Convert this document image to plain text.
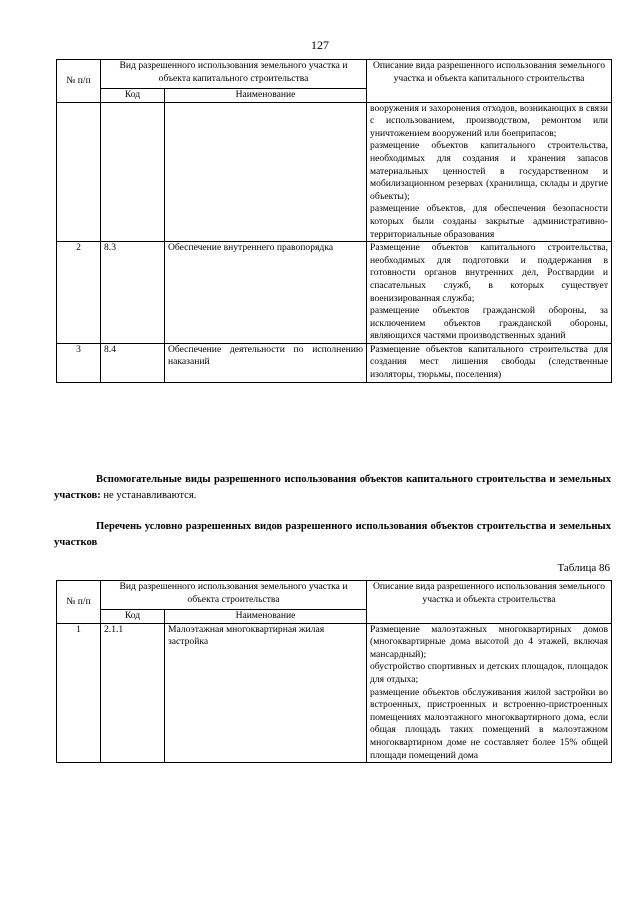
127
№ п/п	Вид разрешенного использования земельного участка и объекта капитального строительства		Описание вида разрешенного использования земельного участка и объекта капитального строительства
	Код	Наименование	

			вооружения и захоронения отходов, возникающих в связи с использованием, производством, ремонтом или уничтожением вооружений или боеприпасов;
размещение объектов капитального строительства, необходимых для создания и хранения запасов материальных ценностей в государственном и мобилизационном резервах (хранилища, склады и другие объекты);
размещение объектов, для обеспечения безопасности которых были созданы закрытые административно-территориальные образования

2	8.3	Обеспечение внутреннего правопорядка	Размещение объектов капитального строительства, необходимых для подготовки и поддержания в готовности органов внутренних дел, Росгвардии и спасательных служб, в которых существует военизированная служба;
размещение объектов гражданской обороны, за исключением объектов гражданской обороны, являющихся частями производственных зданий

3	8.4	Обеспечение деятельности по исполнению наказаний	Размещение объектов капитального строительства для создания мест лишения свободы (следственные изоляторы, тюрьмы, поселения)
Вспомогательные виды разрешенного использования объектов капитального строительства и земельных участков: не устанавливаются.
Перечень условно разрешенных видов разрешенного использования объектов строительства и земельных участков
Таблица 86
№ п/п	Вид разрешенного использования земельного участка и объекта строительства		Описание вида разрешенного использования земельного участка и объекта строительства
	Код	Наименование	
1	2.1.1	Малоэтажная многоквартирная жилая застройка	Размещение малоэтажных многоквартирных домов (многоквартирные дома высотой до 4 этажей, включая мансардный);
обустройство спортивных и детских площадок, площадок для отдыха;
размещение объектов обслуживания жилой застройки во встроенных, пристроенных и встроенно-пристроенных помещениях малоэтажного многоквартирного дома, если общая площадь таких помещений в малоэтажном многоквартирном доме не составляет более 15% общей площади помещений дома
